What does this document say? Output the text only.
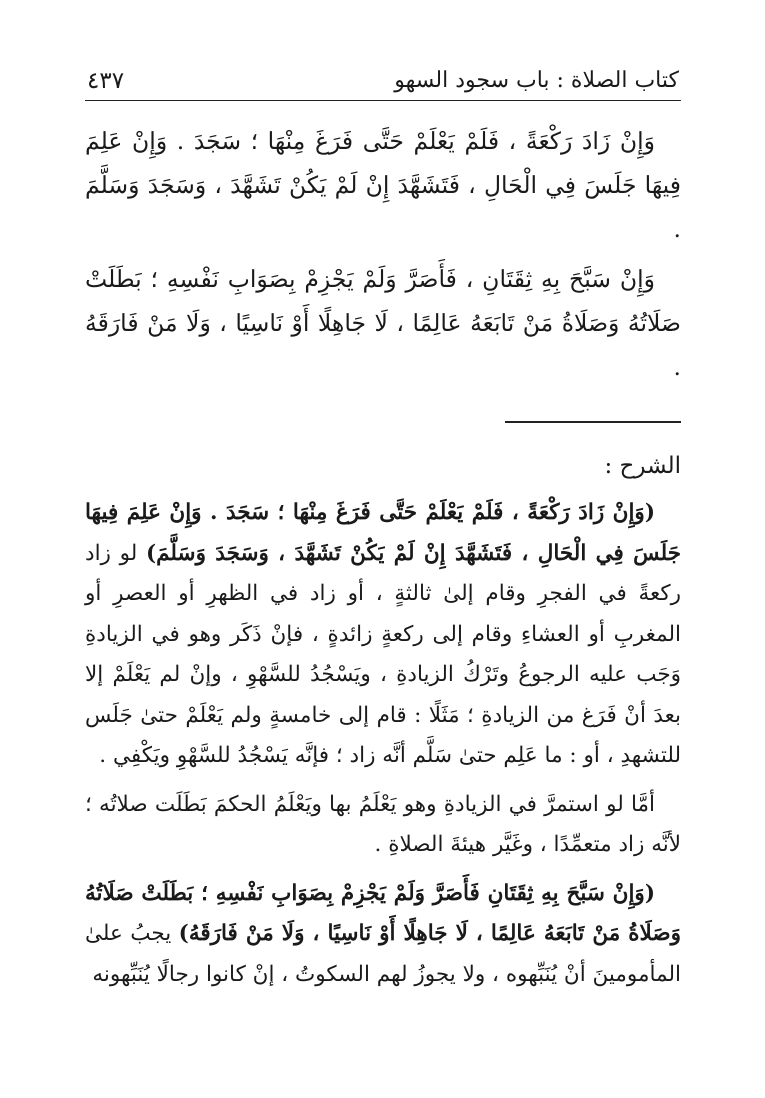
كتاب الصلاة : باب سجود السهو
٤٣٧

وَإِنْ زَادَ رَكْعَةً ، فَلَمْ يَعْلَمْ حَتَّى فَرَغَ مِنْهَا ؛ سَجَدَ . وَإِنْ عَلِمَ فِيهَا جَلَسَ فِي الْحَالِ ، فَتَشَهَّدَ إِنْ لَمْ يَكُنْ تَشَهَّدَ ، وَسَجَدَ وَسَلَّمَ .

وَإِنْ سَبَّحَ بِهِ ثِقَتَانِ ، فَأَصَرَّ وَلَمْ يَجْزِمْ بِصَوَابِ نَفْسِهِ ؛ بَطَلَتْ صَلَاتُهُ وَصَلَاةُ مَنْ تَابَعَهُ عَالِمًا ، لَا جَاهِلًا أَوْ نَاسِيًا ، وَلَا مَنْ فَارَقَهُ .

الشرح :

(وَإِنْ زَادَ رَكْعَةً ، فَلَمْ يَعْلَمْ حَتَّى فَرَغَ مِنْهَا ؛ سَجَدَ . وَإِنْ عَلِمَ فِيهَا جَلَسَ فِي الْحَالِ ، فَتَشَهَّدَ إِنْ لَمْ يَكُنْ تَشَهَّدَ ، وَسَجَدَ وَسَلَّمَ) لو زاد ركعةً في الفجرِ وقام إلىٰ ثالثةٍ ، أو زاد في الظهرِ أو العصرِ أو المغربِ أو العشاءِ وقام إلى ركعةٍ زائدةٍ ، فإنْ ذَكَر وهو في الزيادةِ وَجَب عليه الرجوعُ وتَرْكُ الزيادةِ ، ويَسْجُدُ للسَّهْوِ ، وإنْ لم يَعْلَمْ إلا بعدَ أنْ فَرَغ من الزيادةِ ؛ مَثَلًا : قام إلى خامسةٍ ولم يَعْلَمْ حتىٰ جَلَس للتشهدِ ، أو : ما عَلِم حتىٰ سَلَّم أنَّه زاد ؛ فإنَّه يَسْجُدُ للسَّهْوِ ويَكْفِي .

أمَّا لو استمرَّ في الزيادةِ وهو يَعْلَمُ بها ويَعْلَمُ الحكمَ بَطَلَت صلاتُه ؛ لأنَّه زاد متعمِّدًا ، وغَيَّر هيئةَ الصلاةِ .

(وَإِنْ سَبَّحَ بِهِ ثِقَتَانِ فَأَصَرَّ وَلَمْ يَجْزِمْ بِصَوَابِ نَفْسِهِ ؛ بَطَلَتْ صَلَاتُهُ وَصَلَاةُ مَنْ تَابَعَهُ عَالِمًا ، لَا جَاهِلًا أَوْ نَاسِيًا ، وَلَا مَنْ فَارَقَهُ) يجبُ علىٰ المأمومينَ أنْ يُنَبِّهوه ، ولا يجوزُ لهم السكوتُ ، إنْ كانوا رجالًا يُنَبِّهونه
